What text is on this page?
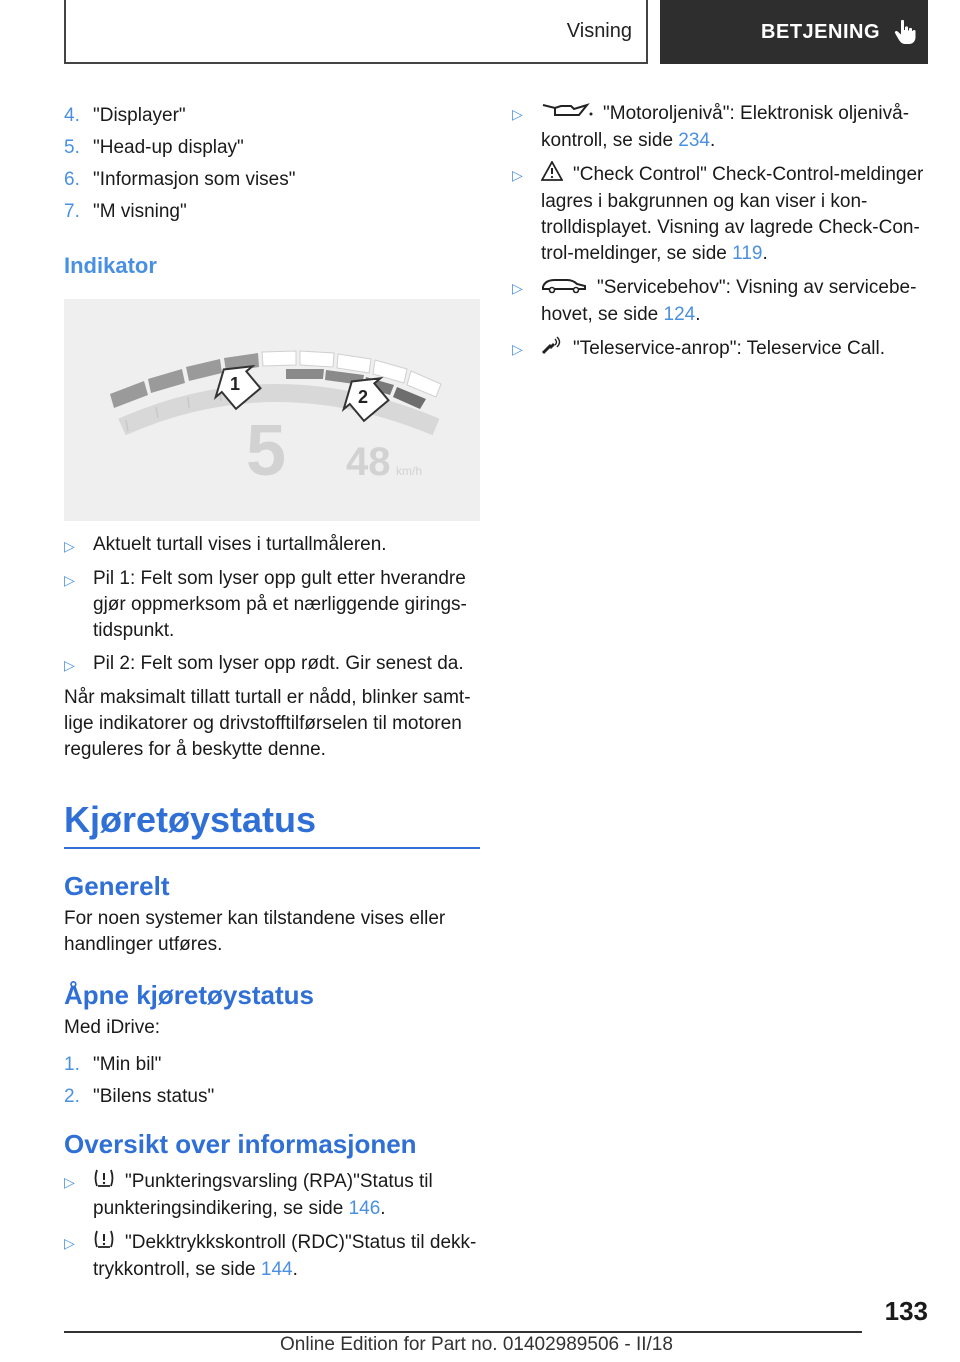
Visning	BETJENING
4. "Displayer"
5. "Head-up display"
6. "Informasjon som vises"
7. "M visning"
Indikator
1
2
5 48 km/h
▷ Aktuelt turtall vises i turtallmåleren.
▷ Pil 1: Felt som lyser opp gult etter hverandre gjør oppmerksom på et nærliggende giringstidspunkt.
▷ Pil 2: Felt som lyser opp rødt. Gir senest da.

Når maksimalt tillatt turtall er nådd, blinker samtlige indikatorer og drivstofftilførselen til motoren reguleres for å beskytte denne.

Kjøretøystatus
Generelt

For noen systemer kan tilstandene vises eller handlinger utføres.

Åpne kjøretøystatus

Med iDrive:

1. "Min bil"
2. "Bilens status"
Oversikt over informasjonen
▷	"Punkteringsvarsling (RPA)"Status til punkteringsindikering, se side 146.
▷	"Dekktrykkskontroll (RDC)"Status til dekktrykkontroll, se side 144.
▷	"Motoroljenivå": Elektronisk oljenivåkontroll, se side 234.
▷	"Check Control" Check-Control-meldinger lagres i bakgrunnen og kan viser i kontrolldisplayet. Visning av lagrede Check-Control-meldinger, se side 119.
▷	"Servicebehov": Visning av servicebehovet, se side 124.
▷	"Teleservice-anrop": Teleservice Call.
133
Online Edition for Part no. 01402989506 - II/18
